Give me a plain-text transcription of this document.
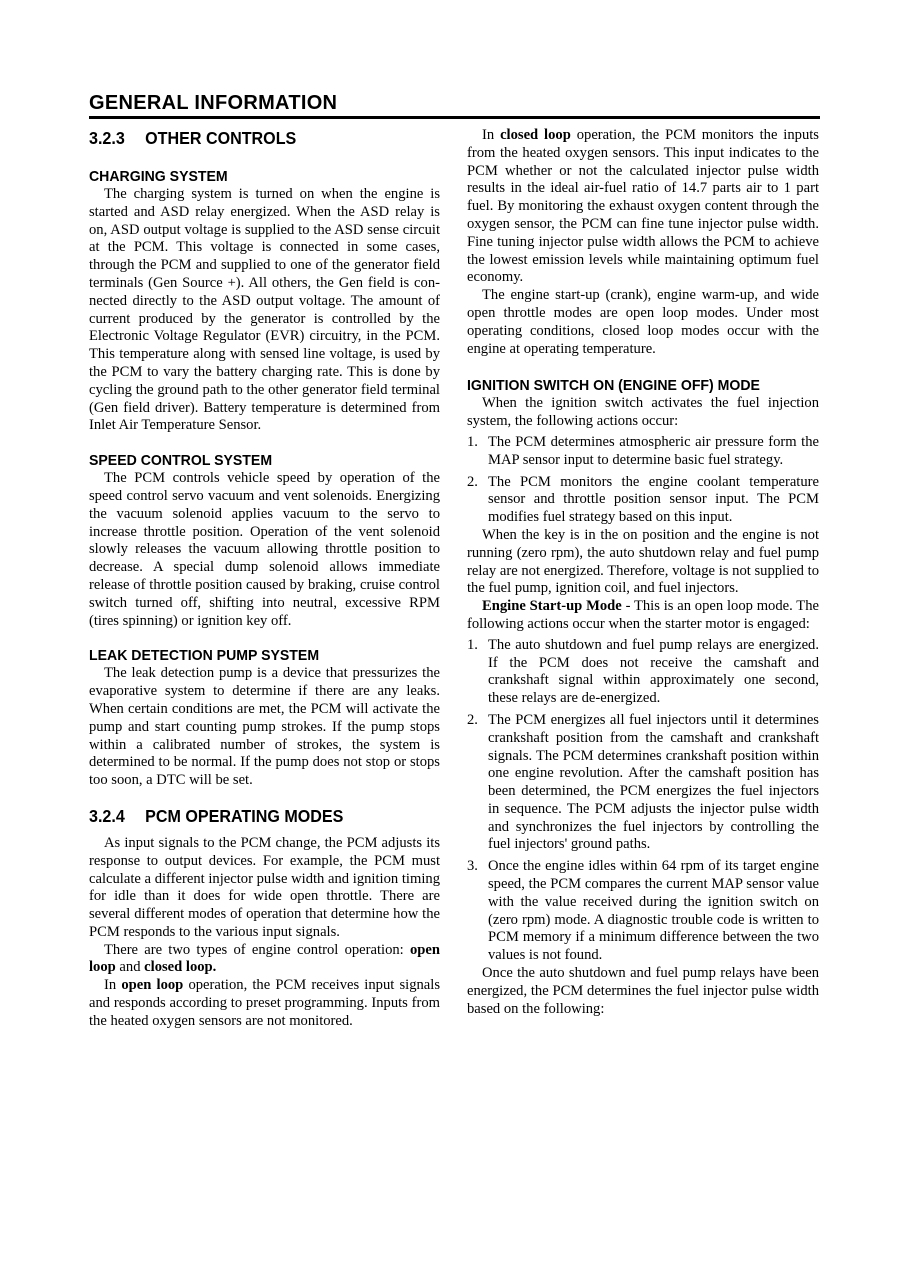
GENERAL INFORMATION
3.2.3 OTHER CONTROLS
CHARGING SYSTEM

The charging system is turned on when the engine is started and ASD relay energized. When the ASD relay is on, ASD output voltage is supplied to the ASD sense circuit at the PCM. This voltage is connected in some cases, through the PCM and supplied to one of the generator field terminals (Gen Source +). All others, the Gen field is connected directly to the ASD output voltage. The amount of current produced by the generator is controlled by the Electronic Voltage Regulator (EVR) circuitry, in the PCM. This temperature along with sensed line voltage, is used by the PCM to vary the battery charging rate. This is done by cycling the ground path to the other generator field terminal (Gen field driver). Battery temperature is determined from Inlet Air Temperature Sensor.

SPEED CONTROL SYSTEM

The PCM controls vehicle speed by operation of the speed control servo vacuum and vent solenoids. Energizing the vacuum solenoid applies vacuum to the servo to increase throttle position. Operation of the vent solenoid slowly releases the vacuum allowing throttle position to decrease. A special dump solenoid allows immediate release of throttle position caused by braking, cruise control switch turned off, shifting into neutral, excessive RPM (tires spinning) or ignition key off.

LEAK DETECTION PUMP SYSTEM

The leak detection pump is a device that pressurizes the evaporative system to determine if there are any leaks. When certain conditions are met, the PCM will activate the pump and start counting pump strokes. If the pump stops within a calibrated number of strokes, the system is determined to be normal. If the pump does not stop or stops too soon, a DTC will be set.

3.2.4 PCM OPERATING MODES

As input signals to the PCM change, the PCM adjusts its response to output devices. For example, the PCM must calculate a different injector pulse width and ignition timing for idle than it does for wide open throttle. There are several different modes of operation that determine how the PCM responds to the various input signals.

There are two types of engine control operation: open loop and closed loop.

In open loop operation, the PCM receives input signals and responds according to preset programming. Inputs from the heated oxygen sensors are not monitored.

In closed loop operation, the PCM monitors the inputs from the heated oxygen sensors. This input indicates to the PCM whether or not the calculated injector pulse width results in the ideal air-fuel ratio of 14.7 parts air to 1 part fuel. By monitoring the exhaust oxygen content through the oxygen sensor, the PCM can fine tune injector pulse width. Fine tuning injector pulse width allows the PCM to achieve the lowest emission levels while maintaining optimum fuel economy.

The engine start-up (crank), engine warm-up, and wide open throttle modes are open loop modes. Under most operating conditions, closed loop modes occur with the engine at operating temperature.

IGNITION SWITCH ON (ENGINE OFF) MODE

When the ignition switch activates the fuel injection system, the following actions occur:

1. The PCM determines atmospheric air pressure form the MAP sensor input to determine basic fuel strategy.
2. The PCM monitors the engine coolant temperature sensor and throttle position sensor input. The PCM modifies fuel strategy based on this input.

When the key is in the on position and the engine is not running (zero rpm), the auto shutdown relay and fuel pump relay are not energized. Therefore, voltage is not supplied to the fuel pump, ignition coil, and fuel injectors.

Engine Start-up Mode - This is an open loop mode. The following actions occur when the starter motor is engaged:

1. The auto shutdown and fuel pump relays are energized. If the PCM does not receive the camshaft and crankshaft signal within approximately one second, these relays are de-energized.
2. The PCM energizes all fuel injectors until it determines crankshaft position from the camshaft and crankshaft signals. The PCM determines crankshaft position within one engine revolution. After the camshaft position has been determined, the PCM energizes the fuel injectors in sequence. The PCM adjusts the injector pulse width and synchronizes the fuel injectors by controlling the fuel injectors' ground paths.
3. Once the engine idles within 64 rpm of its target engine speed, the PCM compares the current MAP sensor value with the value received during the ignition switch on (zero rpm) mode. A diagnostic trouble code is written to PCM memory if a minimum difference between the two values is not found.

Once the auto shutdown and fuel pump relays have been energized, the PCM determines the fuel injector pulse width based on the following:
